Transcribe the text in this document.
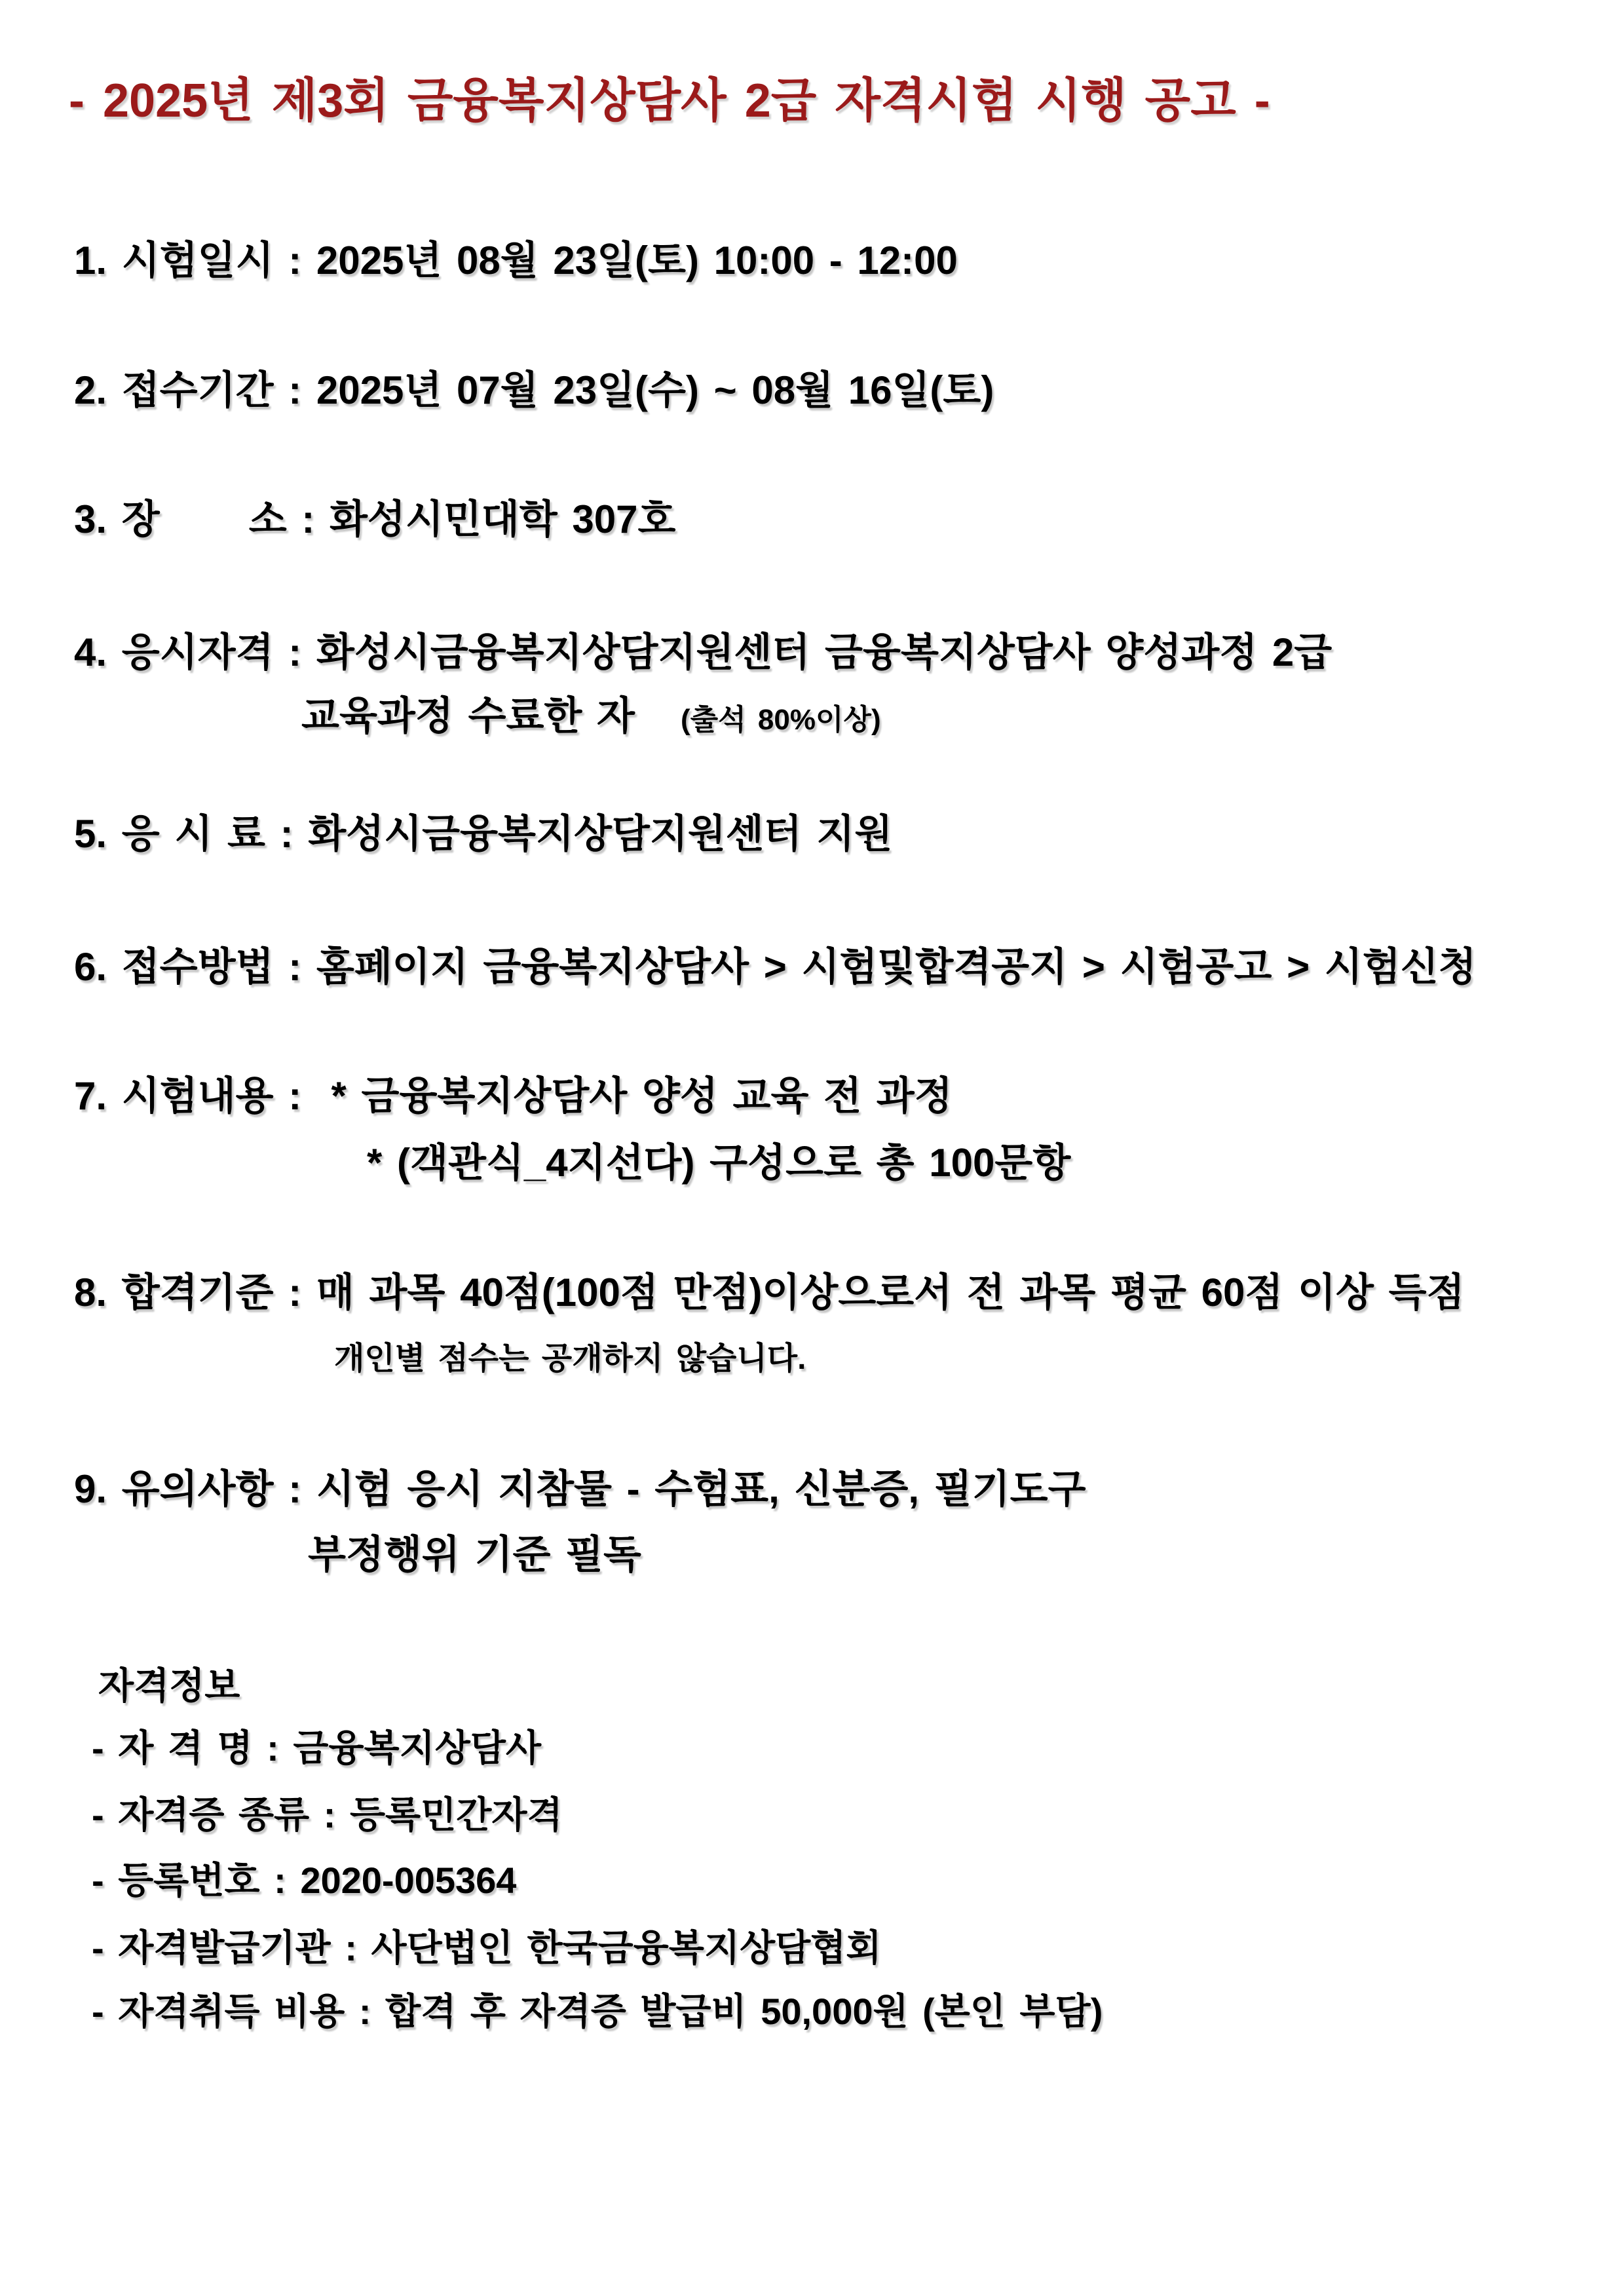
- 2025년 제3회 금융복지상담사 2급 자격시험 시행 공고 -
1. 시험일시 : 2025년 08월 23일(토) 10:00 - 12:00
2. 접수기간 : 2025년 07월 23일(수) ~ 08월 16일(토)
3. 장      소 : 화성시민대학 307호
4. 응시자격 : 화성시금융복지상담지원센터 금융복지상담사 양성과정 2급
교육과정 수료한 자 (출석 80%이상)
5. 응 시 료 : 화성시금융복지상담지원센터 지원
6. 접수방법 : 홈페이지 금융복지상담사 > 시험및합격공지 > 시험공고 > 시험신청
7. 시험내용 :  * 금융복지상담사 양성 교육 전 과정
* (객관식_4지선다) 구성으로 총 100문항
8. 합격기준 : 매 과목 40점(100점 만점)이상으로서 전 과목 평균 60점 이상 득점
개인별 점수는 공개하지 않습니다.
9. 유의사항 : 시험 응시 지참물 - 수험표, 신분증, 필기도구
부정행위 기준 필독
자격정보
- 자 격 명 : 금융복지상담사
- 자격증 종류 : 등록민간자격
- 등록번호 : 2020-005364
- 자격발급기관 : 사단법인 한국금융복지상담협회
- 자격취득 비용 : 합격 후 자격증 발급비 50,000원 (본인 부담)
